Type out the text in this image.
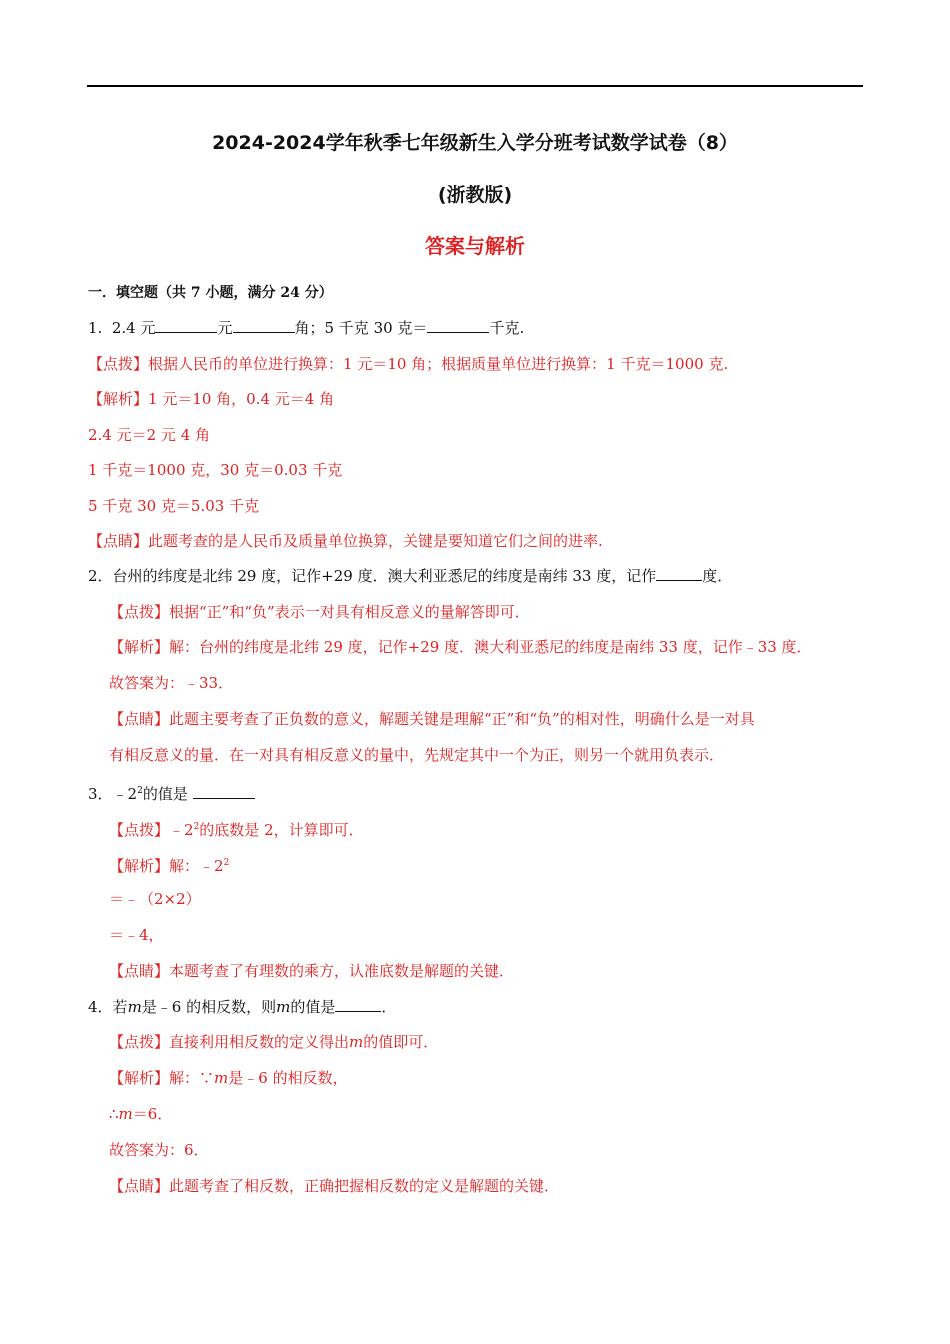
2024-2024学年秋季七年级新生入学分班考试数学试卷（8）
(浙教版)
答案与解析
一．填空题（共 7 小题，满分 24 分）
1. 2.4 元	元	角；5 千克 30 克＝	千克.
【点拨】根据人民币的单位进行换算：1 元＝10 角；根据质量单位进行换算：1 千克＝1000 克.
【解析】1 元＝10 角，0.4 元＝4 角
2.4 元＝2 元 4 角
1 千克＝1000 克，30 克＝0.03 千克
5 千克 30 克＝5.03 千克
【点睛】此题考查的是人民币及质量单位换算，关键是要知道它们之间的进率.
2．台州的纬度是北纬 29 度，记作+29 度．澳大利亚悉尼的纬度是南纬 33 度，记作	度．
【点拨】根据“正”和“负”表示一对具有相反意义的量解答即可．
【解析】解：台州的纬度是北纬 29 度，记作+29 度．澳大利亚悉尼的纬度是南纬 33 度，记作﹣33 度．
故答案为：﹣33．
【点睛】此题主要考查了正负数的意义，解题关键是理解“正”和“负”的相对性，明确什么是一对具
有相反意义的量．在一对具有相反意义的量中，先规定其中一个为正，则另一个就用负表示．
3．$﹣2^2$的值是
【点拨】$﹣2^2$的底数是 2，计算即可．
【解析】解：$﹣2^2$
＝﹣（2×2）
＝﹣4，
【点睛】本题考查了有理数的乘方，认准底数是解题的关键．
4．若m是﹣6 的相反数，则m的值是	．
【点拨】直接利用相反数的定义得出m的值即可．
【解析】解：∵m是﹣6 的相反数，
∴m＝6．
故答案为：6．
【点睛】此题考查了相反数，正确把握相反数的定义是解题的关键．
